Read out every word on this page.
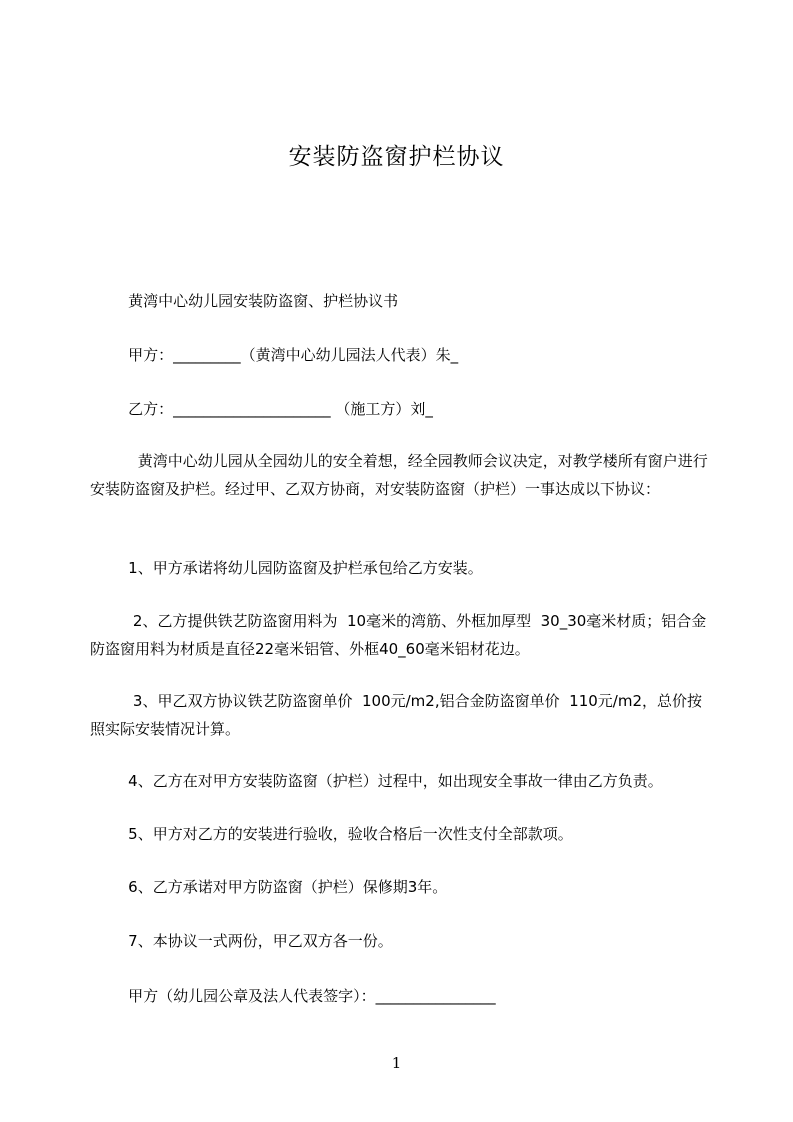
安装防盗窗护栏协议

黄湾中心幼儿园安装防盗窗、护栏协议书

甲方：_________（黄湾中心幼儿园法人代表）朱_

乙方：_____________________ （施工方）刘_

黄湾中心幼儿园从全园幼儿的安全着想，经全园教师会议决定，对教学楼所有窗户进行安装防盗窗及护栏。经过甲、乙双方协商，对安装防盗窗（护栏）一事达成以下协议：

1、甲方承诺将幼儿园防盗窗及护栏承包给乙方安装。

2、乙方提供铁艺防盗窗用料为  10毫米的湾筋、外框加厚型  30_30毫米材质；铝合金防盗窗用料为材质是直径22毫米铝管、外框40_60毫米铝材花边。

3、甲乙双方协议铁艺防盗窗单价  100元/m2,铝合金防盗窗单价  110元/m2，总价按照实际安装情况计算。

4、乙方在对甲方安装防盗窗（护栏）过程中，如出现安全事故一律由乙方负责。

5、甲方对乙方的安装进行验收，验收合格后一次性支付全部款项。

6、乙方承诺对甲方防盗窗（护栏）保修期3年。

7、本协议一式两份，甲乙双方各一份。

甲方（幼儿园公章及法人代表签字）：________________

1
